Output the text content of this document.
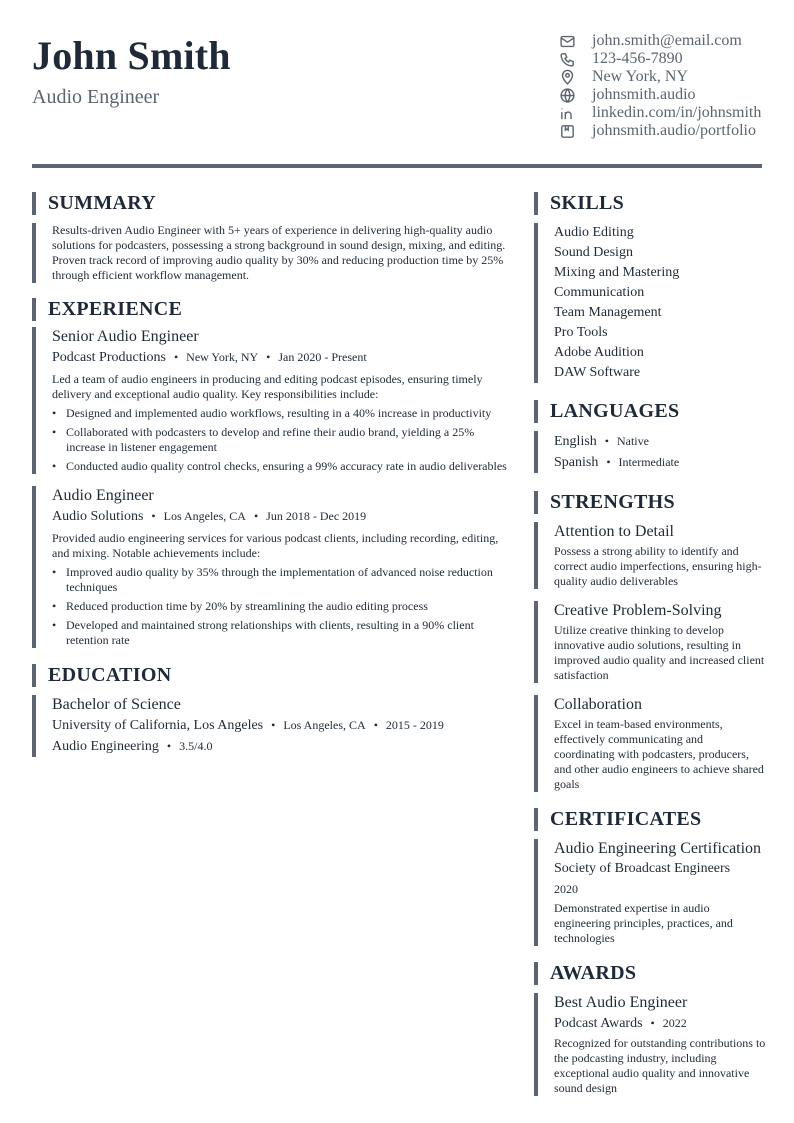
John Smith
Audio Engineer
john.smith@email.com
123-456-7890
New York, NY
johnsmith.audio
linkedin.com/in/johnsmith
johnsmith.audio/portfolio
SUMMARY
Results-driven Audio Engineer with 5+ years of experience in delivering high-quality audio solutions for podcasters, possessing a strong background in sound design, mixing, and editing. Proven track record of improving audio quality by 30% and reducing production time by 25% through efficient workflow management.
EXPERIENCE
Senior Audio Engineer
Podcast Productions • New York, NY • Jan 2020 - Present
Led a team of audio engineers in producing and editing podcast episodes, ensuring timely delivery and exceptional audio quality. Key responsibilities include:
• Designed and implemented audio workflows, resulting in a 40% increase in productivity
• Collaborated with podcasters to develop and refine their audio brand, yielding a 25% increase in listener engagement
• Conducted audio quality control checks, ensuring a 99% accuracy rate in audio deliverables
Audio Engineer
Audio Solutions • Los Angeles, CA • Jun 2018 - Dec 2019
Provided audio engineering services for various podcast clients, including recording, editing, and mixing. Notable achievements include:
• Improved audio quality by 35% through the implementation of advanced noise reduction techniques
• Reduced production time by 20% by streamlining the audio editing process
• Developed and maintained strong relationships with clients, resulting in a 90% client retention rate
EDUCATION
Bachelor of Science
University of California, Los Angeles • Los Angeles, CA • 2015 - 2019
Audio Engineering • 3.5/4.0
SKILLS
Audio Editing
Sound Design
Mixing and Mastering
Communication
Team Management
Pro Tools
Adobe Audition
DAW Software
LANGUAGES
English • Native
Spanish • Intermediate
STRENGTHS
Attention to Detail
Possess a strong ability to identify and correct audio imperfections, ensuring high-quality audio deliverables
Creative Problem-Solving
Utilize creative thinking to develop innovative audio solutions, resulting in improved audio quality and increased client satisfaction
Collaboration
Excel in team-based environments, effectively communicating and coordinating with podcasters, producers, and other audio engineers to achieve shared goals
CERTIFICATES
Audio Engineering Certification
Society of Broadcast Engineers
2020
Demonstrated expertise in audio engineering principles, practices, and technologies
AWARDS
Best Audio Engineer
Podcast Awards • 2022
Recognized for outstanding contributions to the podcasting industry, including exceptional audio quality and innovative sound design
